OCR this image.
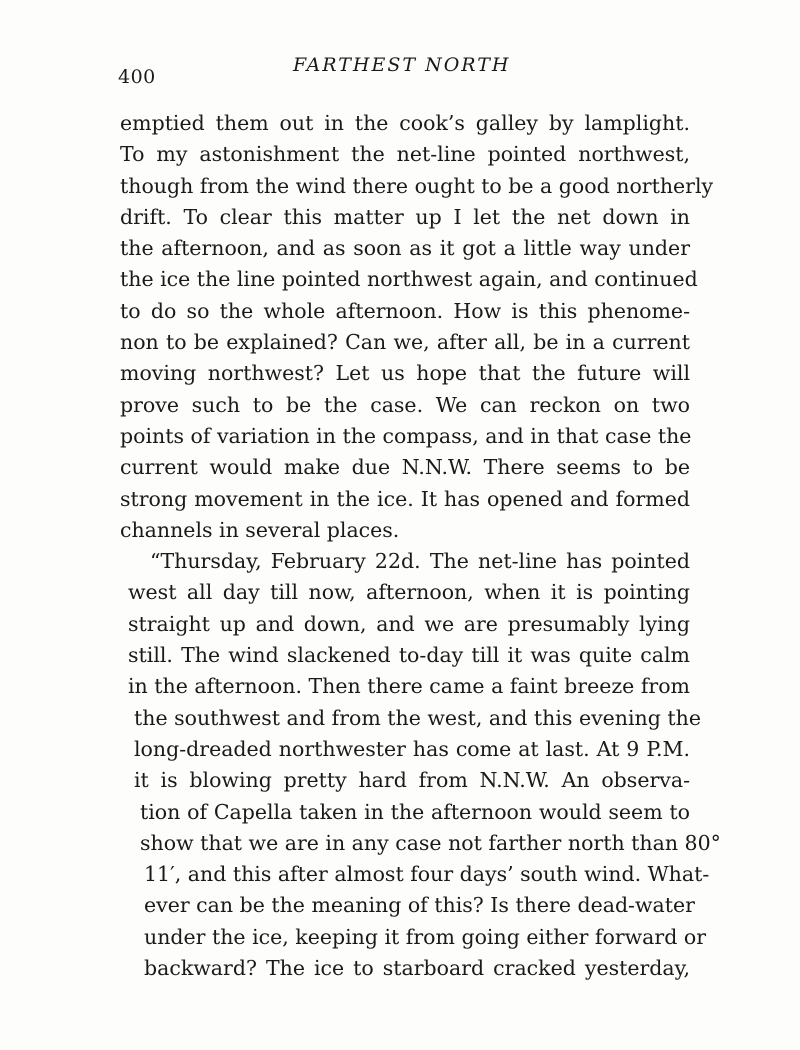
400
FARTHEST NORTH
emptied them out in the cook’s galley by lamplight.
To my astonishment the net-line pointed northwest,
though from the wind there ought to be a good northerly
drift. To clear this matter up I let the net down in
the afternoon, and as soon as it got a little way under
the ice the line pointed northwest again, and continued
to do so the whole afternoon. How is this phenome-
non to be explained? Can we, after all, be in a current
moving northwest? Let us hope that the future will
prove such to be the case. We can reckon on two
points of variation in the compass, and in that case the
current would make due N.N.W. There seems to be
strong movement in the ice. It has opened and formed
channels in several places.
“Thursday, February 22d. The net-line has pointed
west all day till now, afternoon, when it is pointing
straight up and down, and we are presumably lying
still. The wind slackened to-day till it was quite calm
in the afternoon. Then there came a faint breeze from
the southwest and from the west, and this evening the
long-dreaded northwester has come at last. At 9 P.M.
it is blowing pretty hard from N.N.W. An observa-
tion of Capella taken in the afternoon would seem to
show that we are in any case not farther north than 80°
11′, and this after almost four days’ south wind. What-
ever can be the meaning of this? Is there dead-water
under the ice, keeping it from going either forward or
backward? The ice to starboard cracked yesterday,
